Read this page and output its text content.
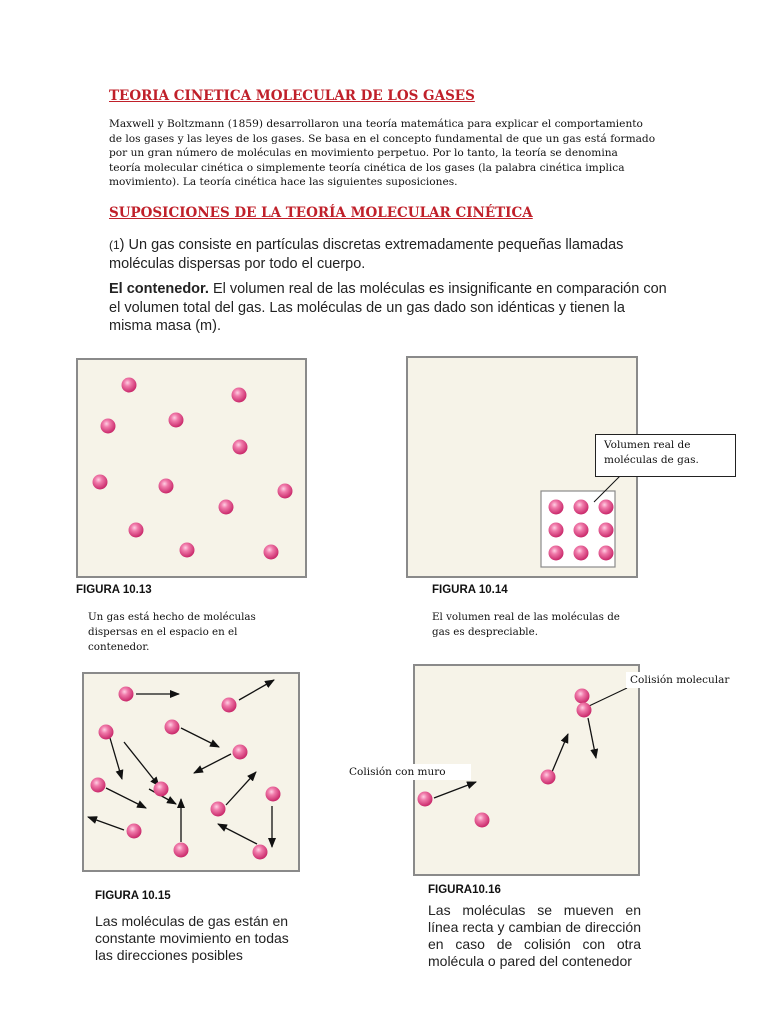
TEORIA CINETICA MOLECULAR DE LOS GASES
Maxwell y Boltzmann (1859) desarrollaron una teoría matemática para explicar el comportamiento
de los gases y las leyes de los gases. Se basa en el concepto fundamental de que un gas está formado
por un gran número de moléculas en movimiento perpetuo. Por lo tanto, la teoría se denomina
teoría molecular cinética o simplemente teoría cinética de los gases (la palabra cinética implica
movimiento). La teoría cinética hace las siguientes suposiciones.
SUPOSICIONES DE LA TEORÍA MOLECULAR CINÉTICA
(1) Un gas consiste en partículas discretas extremadamente pequeñas llamadas
moléculas dispersas por todo el cuerpo.
El contenedor. El volumen real de las moléculas es insignificante en comparación con
el volumen total del gas. Las moléculas de un gas dado son idénticas y tienen la
misma masa (m).
FIGURA 10.13
Un gas está hecho de moléculas
dispersas en el espacio en el
contenedor.
Volumen real de
moléculas de gas.
FIGURA 10.14
El volumen real de las moléculas de
gas es despreciable.
FIGURA 10.15
Las moléculas de gas están en
constante movimiento en todas
las direcciones posibles
Colisión molecular
Colisión con muro
FIGURA10.16
Las moléculas se mueven en
línea recta y cambian de dirección
en caso de colisión con otra
molécula o pared del contenedor
